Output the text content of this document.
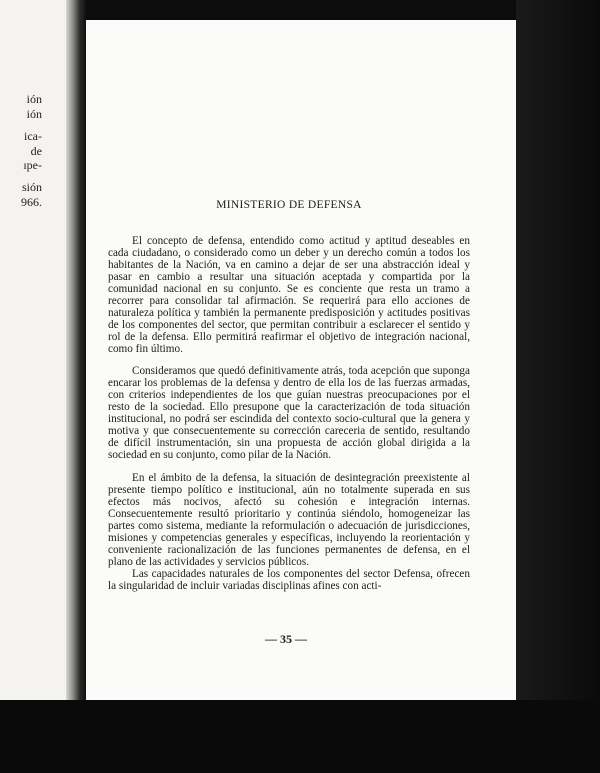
ión
ión
ica-
de
ıpe-
sión
966.	MINISTERIO DE DEFENSA

El concepto de defensa, entendido como actitud y aptitud deseables en cada ciudadano, o considerado como un deber y un derecho común a todos los habitantes de la Nación, va en camino a dejar de ser una abstracción ideal y pasar en cambio a resultar una situación aceptada y compartida por la comunidad nacional en su conjunto. Se es conciente que resta un tramo a recorrer para consolidar tal afirmación. Se requerirá para ello acciones de naturaleza política y también la permanente predisposición y actitudes positivas de los componentes del sector, que permitan contribuir a esclarecer el sentido y rol de la defensa. Ello permitirá reafirmar el objetivo de integración nacional, como fin último.

Consideramos que quedó definitivamente atrás, toda acepción que suponga encarar los problemas de la defensa y dentro de ella los de las fuerzas armadas, con criterios independientes de los que guían nuestras preocupaciones por el resto de la sociedad. Ello presupone que la caracterización de toda situación institucional, no podrá ser escindida del contexto socio-cultural que la genera y motiva y que consecuentemente su corrección careceria de sentido, resultando de difícil instrumentación, sin una propuesta de acción global dirigida a la sociedad en su conjunto, como pilar de la Nación.

En el ámbito de la defensa, la situación de desintegración preexistente al presente tiempo político e institucional, aún no totalmente superada en sus efectos más nocivos, afectó su cohesión e integración internas. Consecuentemente resultó prioritario y continúa siéndolo, homogeneizar las partes como sistema, mediante la reformulación o adecuación de jurisdicciones, misiones y competencias generales y específicas, incluyendo la reorientación y conveniente racionalización de las funciones permanentes de defensa, en el plano de las actividades y servicios públicos.

Las capacidades naturales de los componentes del sector Defensa, ofrecen la singularidad de incluir variadas disciplinas afines con acti-

— 35 —
